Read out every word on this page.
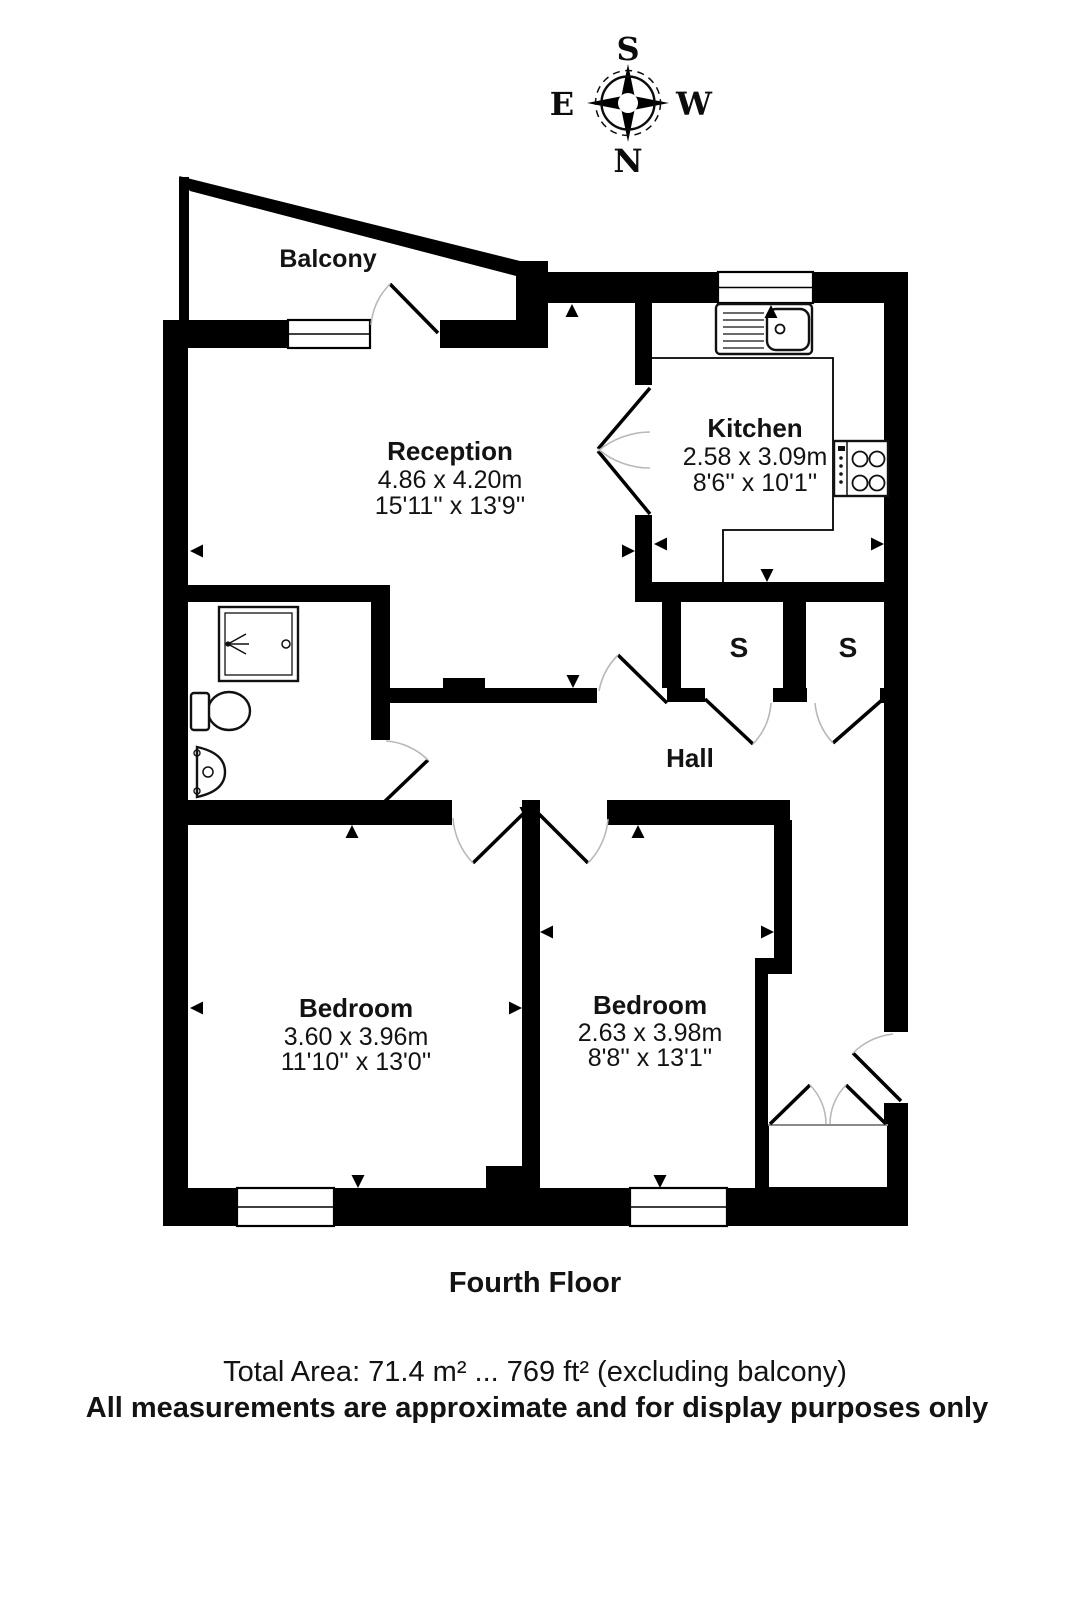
S
E	W
N
Balcony
Reception
4.86 x 4.20m
15'11'' x 13'9''
Kitchen
2.58 x 3.09m
8'6'' x 10'1''
Hall
S	S
Bedroom
3.60 x 3.96m
11'10'' x 13'0''
Bedroom
2.63 x 3.98m
8'8'' x 13'1''
Fourth Floor
Total Area: 71.4 m² ... 769 ft² (excluding balcony)
All measurements are approximate and for display purposes only
